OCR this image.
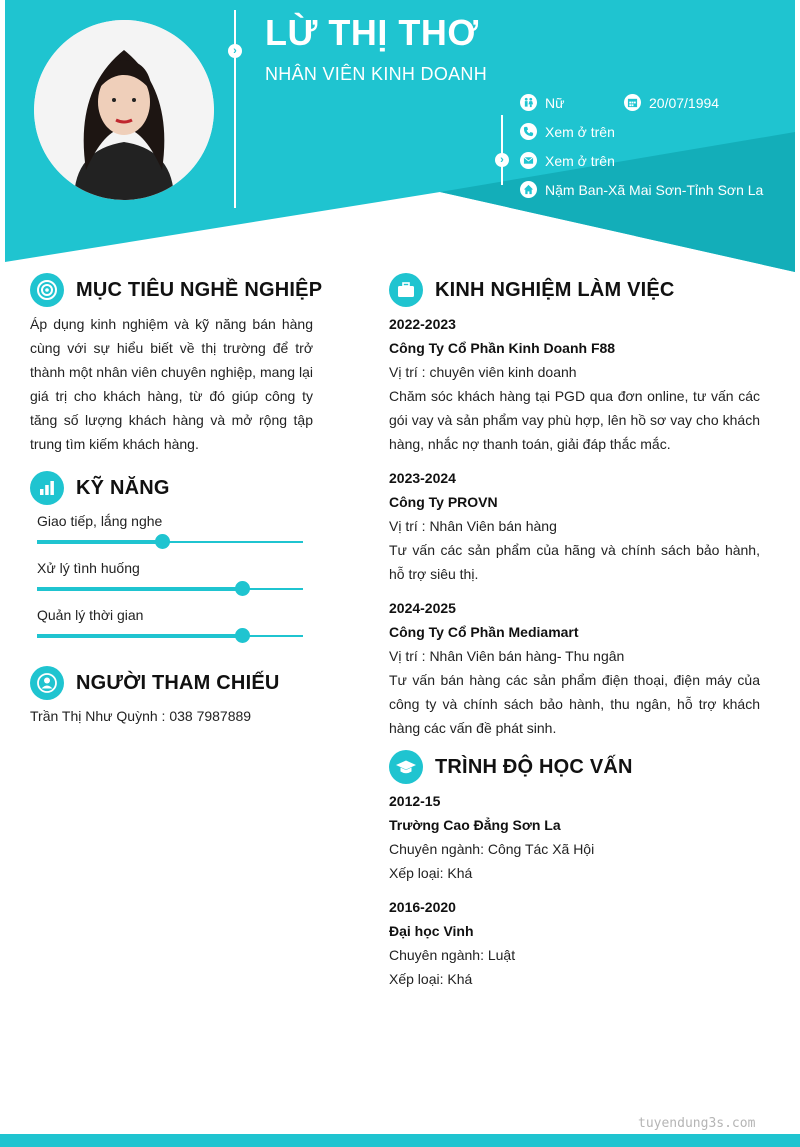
› LỪ THỊ THƠ
NHÂN VIÊN KINH DOANH
›
Nữ	20/07/1994
Xem ở trên
Xem ở trên
Nặm Ban-Xã Mai Sơn-Tỉnh Sơn La
MỤC TIÊU NGHỀ NGHIỆP
Áp dụng kinh nghiệm và kỹ năng bán hàng cùng với sự hiểu biết về thị trường để trở thành một nhân viên chuyên nghiệp, mang lại giá trị cho khách hàng, từ đó giúp công ty tăng số lượng khách hàng và mở rộng tập trung tìm kiếm khách hàng.
KỸ NĂNG
Giao tiếp, lắng nghe
Xử lý tình huống
Quản lý thời gian
NGƯỜI THAM CHIẾU
Trần Thị Như Quỳnh : 038 7987889
KINH NGHIỆM LÀM VIỆC
2022-2023
Công Ty Cổ Phần Kinh Doanh F88
Vị trí : chuyên viên kinh doanh
Chăm sóc khách hàng tại PGD qua đơn online, tư vấn các gói vay và sản phẩm vay phù hợp, lên hồ sơ vay cho khách hàng, nhắc nợ thanh toán, giải đáp thắc mắc.
2023-2024
Công Ty PROVN
Vị trí : Nhân Viên bán hàng
Tư vấn các sản phẩm của hãng và chính sách bảo hành, hỗ trợ siêu thị.
2024-2025
Công Ty Cổ Phần Mediamart
Vị trí : Nhân Viên bán hàng- Thu ngân
Tư vấn bán hàng các sản phẩm điện thoại, điện máy của công ty và chính sách bảo hành, thu ngân, hỗ trợ khách hàng các vấn đề phát sinh.
TRÌNH ĐỘ HỌC VẤN
2012-15
Trường Cao Đẳng Sơn La
Chuyên ngành: Công Tác Xã Hội
Xếp loại: Khá
2016-2020
Đại học Vinh
Chuyên ngành: Luật
Xếp loại: Khá
tuyendung3s.com
